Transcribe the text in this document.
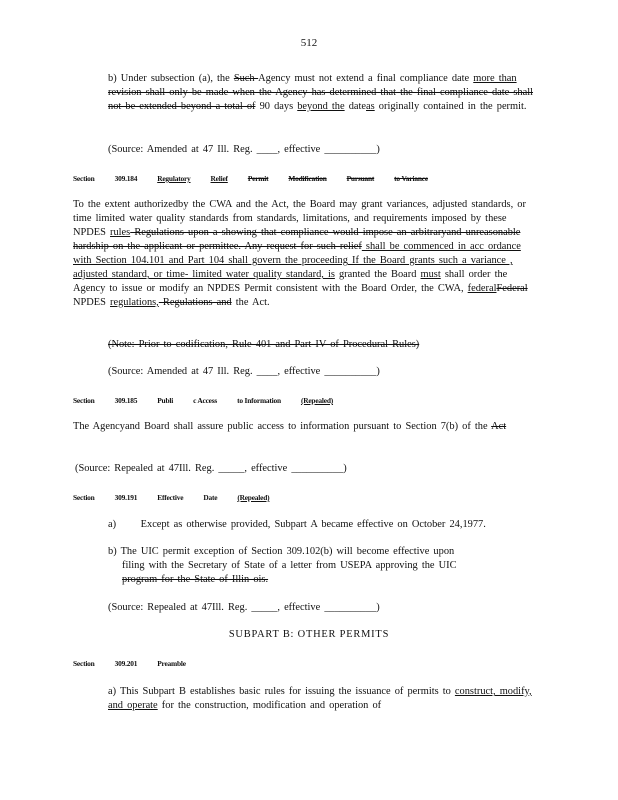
512
b) Under subsection (a), the Such Agency must not extend a final compliance date more than revision shall only be made when the Agency has determined that the final compliance date shall not be extended beyond a total of 90 days beyond the dateas originally contained in the permit.
(Source: Amended at 47 Ill. Reg. ____, effective __________)
Section	309.184	Regulatory	Relief	Permit	Modification	Pursuant	to Variance
To the extent authorizedby the CWA and the Act, the Board may grant variances, adjusted standards, or time limited water quality standards from standards, limitations, and requirements imposed by these NPDES rules Regulations upon a showing that compliance would impose an arbitraryand unreasonable hardship on the applicant or permittee. Any request for such relief shall be commenced in acc ordance with Section 104.101 and Part 104 shall govern the proceeding If the Board grants such a variance , adjusted standard, or time- limited water quality standard, is granted the Board must shall order the Agency to issue or modify an NPDES Permit consistent with the Board Order, the CWA, federalFederal NPDES regulations, Regulations and the Act.
(Note: Prior to codification, Rule 401 and Part IV of Procedural Rules)
(Source: Amended at 47 Ill. Reg. ____, effective __________)
Section	309.185	Publi	c Access	to Information	(Repealed)
The Agencyand Board shall assure public access to information pursuant to Section 7(b) of the Act
(Source: Repealed at 47Ill. Reg. _____, effective __________)
Section	309.191	Effective	Date	(Repealed)
a)      Except as otherwise provided, Subpart A became effective on October 24,1977.
b) The UIC permit exception of Section 309.102(b) will become effective upon
filing with the Secretary of State of a letter from USEPA approving the UIC
program for the State of Illin ois.
(Source: Repealed at 47Ill. Reg. _____, effective __________)
SUBPART B: OTHER PERMITS
Section	309.201	Preamble
a) This Subpart B establishes basic rules for issuing the issuance of permits to construct, modify, and operate for the construction, modification and operation of
